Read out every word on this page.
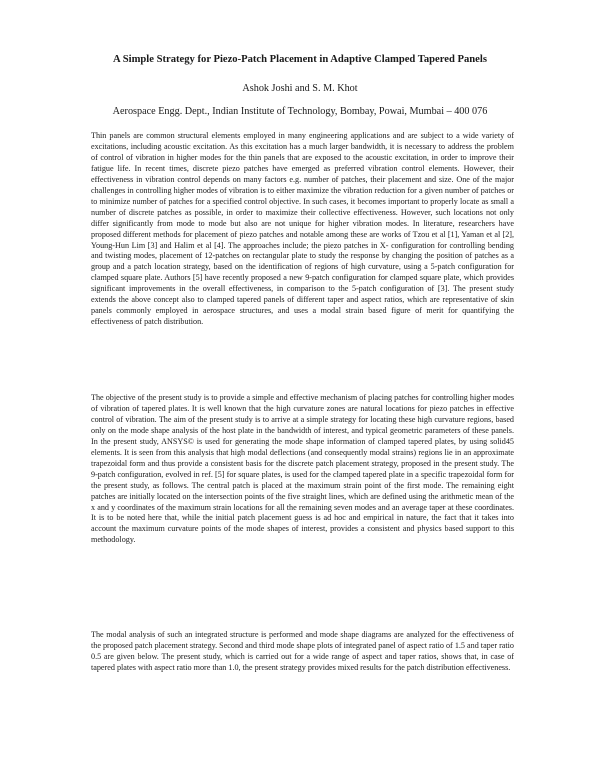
A Simple Strategy for Piezo-Patch Placement in Adaptive Clamped Tapered Panels
Ashok Joshi and S. M. Khot
Aerospace Engg. Dept., Indian Institute of Technology, Bombay, Powai, Mumbai – 400 076

Thin panels are common structural elements employed in many engineering applications and are subject to a wide variety of excitations, including acoustic excitation. As this excitation has a much larger bandwidth, it is necessary to address the problem of control of vibration in higher modes for the thin panels that are exposed to the acoustic excitation, in order to improve their fatigue life. In recent times, discrete piezo patches have emerged as preferred vibration control elements. However, their effectiveness in vibration control depends on many factors e.g. number of patches, their placement and size. One of the major challenges in controlling higher modes of vibration is to either maximize the vibration reduction for a given number of patches or to minimize number of patches for a specified control objective. In such cases, it becomes important to properly locate as small a number of discrete patches as possible, in order to maximize their collective effectiveness. However, such locations not only differ significantly from mode to mode but also are not unique for higher vibration modes. In literature, researchers have proposed different methods for placement of piezo patches and notable among these are works of Tzou et al [1], Yaman et al [2], Young-Hun Lim [3] and Halim et al [4]. The approaches include; the piezo patches in X- configuration for controlling bending and twisting modes, placement of 12-patches on rectangular plate to study the response by changing the position of patches as a group and a patch location strategy, based on the identification of regions of high curvature, using a 5-patch configuration for clamped square plate. Authors [5] have recently proposed a new 9-patch configuration for clamped square plate, which provides significant improvements in the overall effectiveness, in comparison to the 5-patch configuration of [3]. The present study extends the above concept also to clamped tapered panels of different taper and aspect ratios, which are representative of skin panels commonly employed in aerospace structures, and uses a modal strain based figure of merit for quantifying the effectiveness of patch distribution.

The objective of the present study is to provide a simple and effective mechanism of placing patches for controlling higher modes of vibration of tapered plates. It is well known that the high curvature zones are natural locations for piezo patches in effective control of vibration. The aim of the present study is to arrive at a simple strategy for locating these high curvature regions, based only on the mode shape analysis of the host plate in the bandwidth of interest, and typical geometric parameters of these panels. In the present study, ANSYS© is used for generating the mode shape information of clamped tapered plates, by using solid45 elements. It is seen from this analysis that high modal deflections (and consequently modal strains) regions lie in an approximate trapezoidal form and thus provide a consistent basis for the discrete patch placement strategy, proposed in the present study. The 9-patch configuration, evolved in ref. [5] for square plates, is used for the clamped tapered plate in a specific trapezoidal form for the present study, as follows. The central patch is placed at the maximum strain point of the first mode. The remaining eight patches are initially located on the intersection points of the five straight lines, which are defined using the arithmetic mean of the x and y coordinates of the maximum strain locations for all the remaining seven modes and an average taper at these coordinates. It is to be noted here that, while the initial patch placement guess is ad hoc and empirical in nature, the fact that it takes into account the maximum curvature points of the mode shapes of interest, provides a consistent and physics based support to this methodology.

The modal analysis of such an integrated structure is performed and mode shape diagrams are analyzed for the effectiveness of the proposed patch placement strategy. Second and third mode shape plots of integrated panel of aspect ratio of 1.5 and taper ratio 0.5 are given below. The present study, which is carried out for a wide range of aspect and taper ratios, shows that, in case of tapered plates with aspect ratio more than 1.0, the present strategy provides mixed results for the patch distribution effectiveness.
